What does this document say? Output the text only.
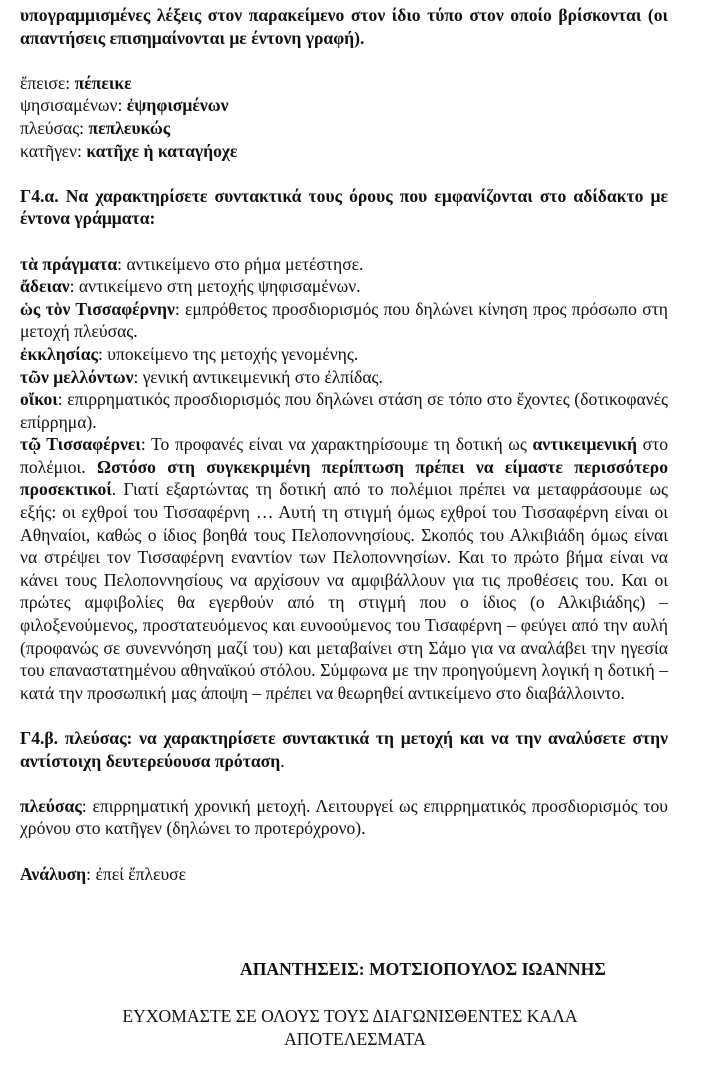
υπογραμμισμένες λέξεις στον παρακείμενο στον ίδιο τύπο στον οποίο βρίσκονται (οι απαντήσεις επισημαίνονται με έντονη γραφή).

ἔπεισε: πέπεικε
ψησισαμένων: ἐψηφισμένων
πλεύσας: πεπλευκώς
κατῆγεν: κατῆχε ἡ καταγήοχε

Γ4.α. Να χαρακτηρίσετε συντακτικά τους όρους που εμφανίζονται στο αδίδακτο με έντονα γράμματα:

τὰ πράγματα: αντικείμενο στο ρήμα μετέστησε.
ἄδειαν: αντικείμενο στη μετοχής ψηφισαμένων.
ὡς τὸν Τισσαφέρνην: εμπρόθετος προσδιορισμός που δηλώνει κίνηση προς πρόσωπο στη μετοχή πλεύσας.
ἐκκλησίας: υποκείμενο της μετοχής γενομένης.
τῶν μελλόντων: γενική αντικειμενική στο ἐλπίδας.
οἴκοι: επιρρηματικός προσδιορισμός που δηλώνει στάση σε τόπο στο ἔχοντες (δοτικοφανές επίρρημα).
τῷ Τισσαφέρνει: Το προφανές είναι να χαρακτηρίσουμε τη δοτική ως αντικειμενική στο πολέμιοι. Ωστόσο στη συγκεκριμένη περίπτωση πρέπει να είμαστε περισσότερο προσεκτικοί. Γιατί εξαρτώντας τη δοτική από το πολέμιοι πρέπει να μεταφράσουμε ως εξής: οι εχθροί του Τισσαφέρνη … Αυτή τη στιγμή όμως εχθροί του Τισσαφέρνη είναι οι Αθηναίοι, καθώς ο ίδιος βοηθά τους Πελοποννησίους. Σκοπός του Αλκιβιάδη όμως είναι να στρέψει τον Τισσαφέρνη εναντίον των Πελοποννησίων. Και το πρώτο βήμα είναι να κάνει τους Πελοποννησίους να αρχίσουν να αμφιβάλλουν για τις προθέσεις του. Και οι πρώτες αμφιβολίες θα εγερθούν από τη στιγμή που ο ίδιος (ο Αλκιβιάδης) – φιλοξενούμενος, προστατευόμενος και ευνοούμενος του Τισαφέρνη – φεύγει από την αυλή (προφανώς σε συνεννόηση μαζί του) και μεταβαίνει στη Σάμο για να αναλάβει την ηγεσία του επαναστατημένου αθηναϊκού στόλου. Σύμφωνα με την προηγούμενη λογική η δοτική – κατά την προσωπική μας άποψη – πρέπει να θεωρηθεί αντικείμενο στο διαβάλλοιντο.

Γ4.β. πλεύσας: να χαρακτηρίσετε συντακτικά τη μετοχή και να την αναλύσετε στην αντίστοιχη δευτερεύουσα πρόταση.

πλεύσας: επιρρηματική χρονική μετοχή. Λειτουργεί ως επιρρηματικός προσδιορισμός του χρόνου στο κατῆγεν (δηλώνει το προτερόχρονο).
Ανάλυση: ἐπεί ἔπλευσε
ΑΠΑΝΤΗΣΕΙΣ: ΜΟΤΣΙΟΠΟΥΛΟΣ ΙΩΑΝΝΗΣ
ΕΥΧΟΜΑΣΤΕ ΣΕ ΟΛΟΥΣ ΤΟΥΣ ΔΙΑΓΩΝΙΣΘΕΝΤΕΣ ΚΑΛΑ
ΑΠΟΤΕΛΕΣΜΑΤΑ
